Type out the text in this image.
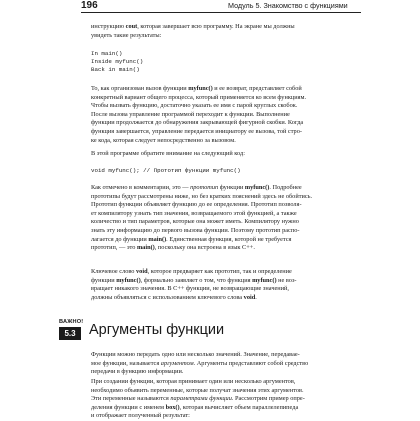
196	Модуль 5. Знакомство с функциями
инструкцию cout, которая завершает всю программу. На экране мы должны
увидеть такие результаты:
In main()
Inside myfunc()
Back in main()
То, как организован вызов функции myfunc() и ее возврат, представляет собой
конкретный вариант общего процесса, который применяется ко всем функциям.
Чтобы вызвать функцию, достаточно указать ее имя с парой круглых скобок.
После вызова управление программой переходит к функции. Выполнение
функции продолжается до обнаружения закрывающей фигурной скобки. Когда
функция завершается, управление передается инициатору ее вызова, той стро-
ке кода, которая следует непосредственно за вызовом.
В этой программе обратите внимание на следующий код:
void myfunc(); // Прототип функции myfunc()
Как отмечено в комментарии, это — прототип функции myfunc(). Подробнее
прототипы будут рассмотрены ниже, но без кратких пояснений здесь не обойтись.
Прототип функции объявляет функцию до ее определения. Прототип позволя-
ет компилятору узнать тип значения, возвращаемого этой функцией, а также
количество и тип параметров, которые она может иметь. Компилятору нужно
знать эту информацию до первого вызова функции. Поэтому прототип распо-
лагается до функции main(). Единственная функция, которой не требуется
прототип, — это main(), поскольку она встроена в язык C++.
Ключевое слово void, которое предваряет как прототип, так и определение
функции myfunc(), формально заявляет о том, что функция myfunc() не воз-
вращает никакого значения. В C++ функции, не возвращающие значений,
должны объявляться с использованием ключевого слова void.
ВАЖНО!
5.3 Аргументы функции
Функции можно передать одно или несколько значений. Значение, передавае-
мое функции, называется аргументом. Аргументы представляют собой средство
передачи в функцию информации.
При создании функции, которая принимает один или несколько аргументов,
необходимо объявить переменные, которые получат значения этих аргументов.
Эти переменные называются параметрами функции. Рассмотрим пример опре-
деления функции с именем box(), которая вычисляет объем параллелепипеда
и отображает полученный результат:
